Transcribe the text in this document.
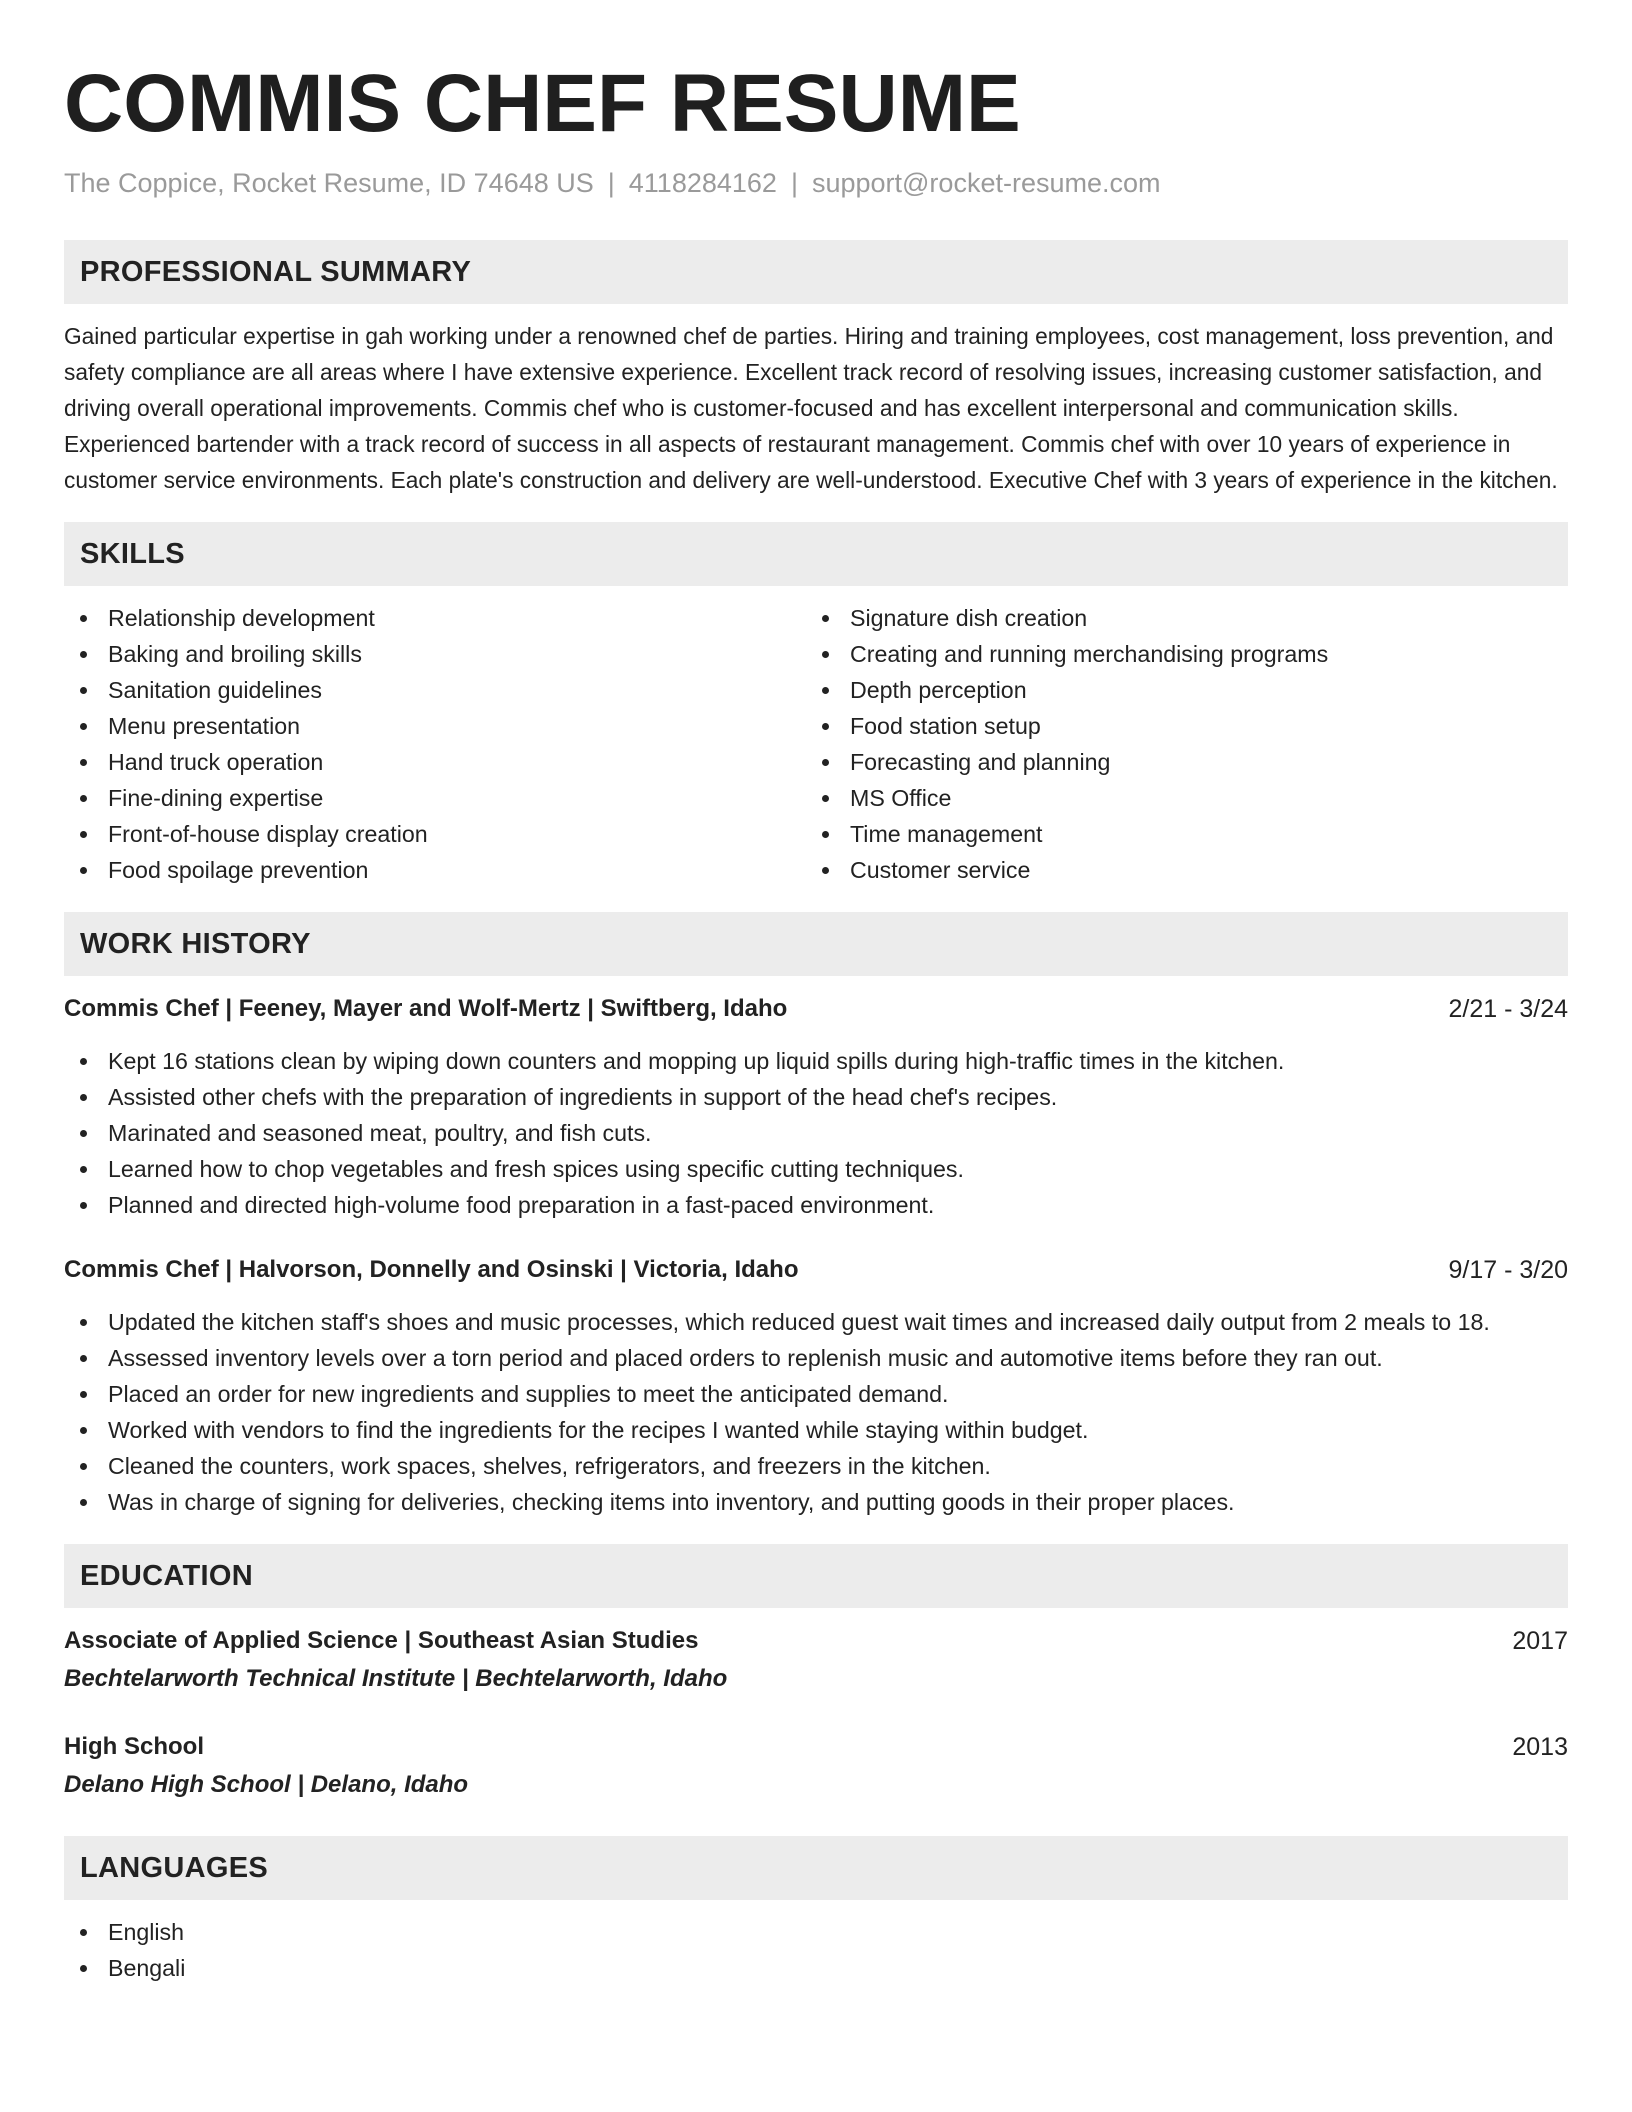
COMMIS CHEF RESUME
The Coppice, Rocket Resume, ID 74648 US | 4118284162 | support@rocket-resume.com
PROFESSIONAL SUMMARY
Gained particular expertise in gah working under a renowned chef de parties. Hiring and training employees, cost management, loss prevention, and safety compliance are all areas where I have extensive experience. Excellent track record of resolving issues, increasing customer satisfaction, and driving overall operational improvements. Commis chef who is customer-focused and has excellent interpersonal and communication skills. Experienced bartender with a track record of success in all aspects of restaurant management. Commis chef with over 10 years of experience in customer service environments. Each plate's construction and delivery are well-understood. Executive Chef with 3 years of experience in the kitchen.
SKILLS
Relationship development
Baking and broiling skills
Sanitation guidelines
Menu presentation
Hand truck operation
Fine-dining expertise
Front-of-house display creation
Food spoilage prevention
Signature dish creation
Creating and running merchandising programs
Depth perception
Food station setup
Forecasting and planning
MS Office
Time management
Customer service
WORK HISTORY
Commis Chef | Feeney, Mayer and Wolf-Mertz | Swiftberg, Idaho	2/21 - 3/24
Kept 16 stations clean by wiping down counters and mopping up liquid spills during high-traffic times in the kitchen.
Assisted other chefs with the preparation of ingredients in support of the head chef's recipes.
Marinated and seasoned meat, poultry, and fish cuts.
Learned how to chop vegetables and fresh spices using specific cutting techniques.
Planned and directed high-volume food preparation in a fast-paced environment.
Commis Chef | Halvorson, Donnelly and Osinski | Victoria, Idaho	9/17 - 3/20
Updated the kitchen staff's shoes and music processes, which reduced guest wait times and increased daily output from 2 meals to 18.
Assessed inventory levels over a torn period and placed orders to replenish music and automotive items before they ran out.
Placed an order for new ingredients and supplies to meet the anticipated demand.
Worked with vendors to find the ingredients for the recipes I wanted while staying within budget.
Cleaned the counters, work spaces, shelves, refrigerators, and freezers in the kitchen.
Was in charge of signing for deliveries, checking items into inventory, and putting goods in their proper places.
EDUCATION
Associate of Applied Science | Southeast Asian Studies	2017
Bechtelarworth Technical Institute | Bechtelarworth, Idaho
High School	2013
Delano High School | Delano, Idaho
LANGUAGES
English
Bengali
